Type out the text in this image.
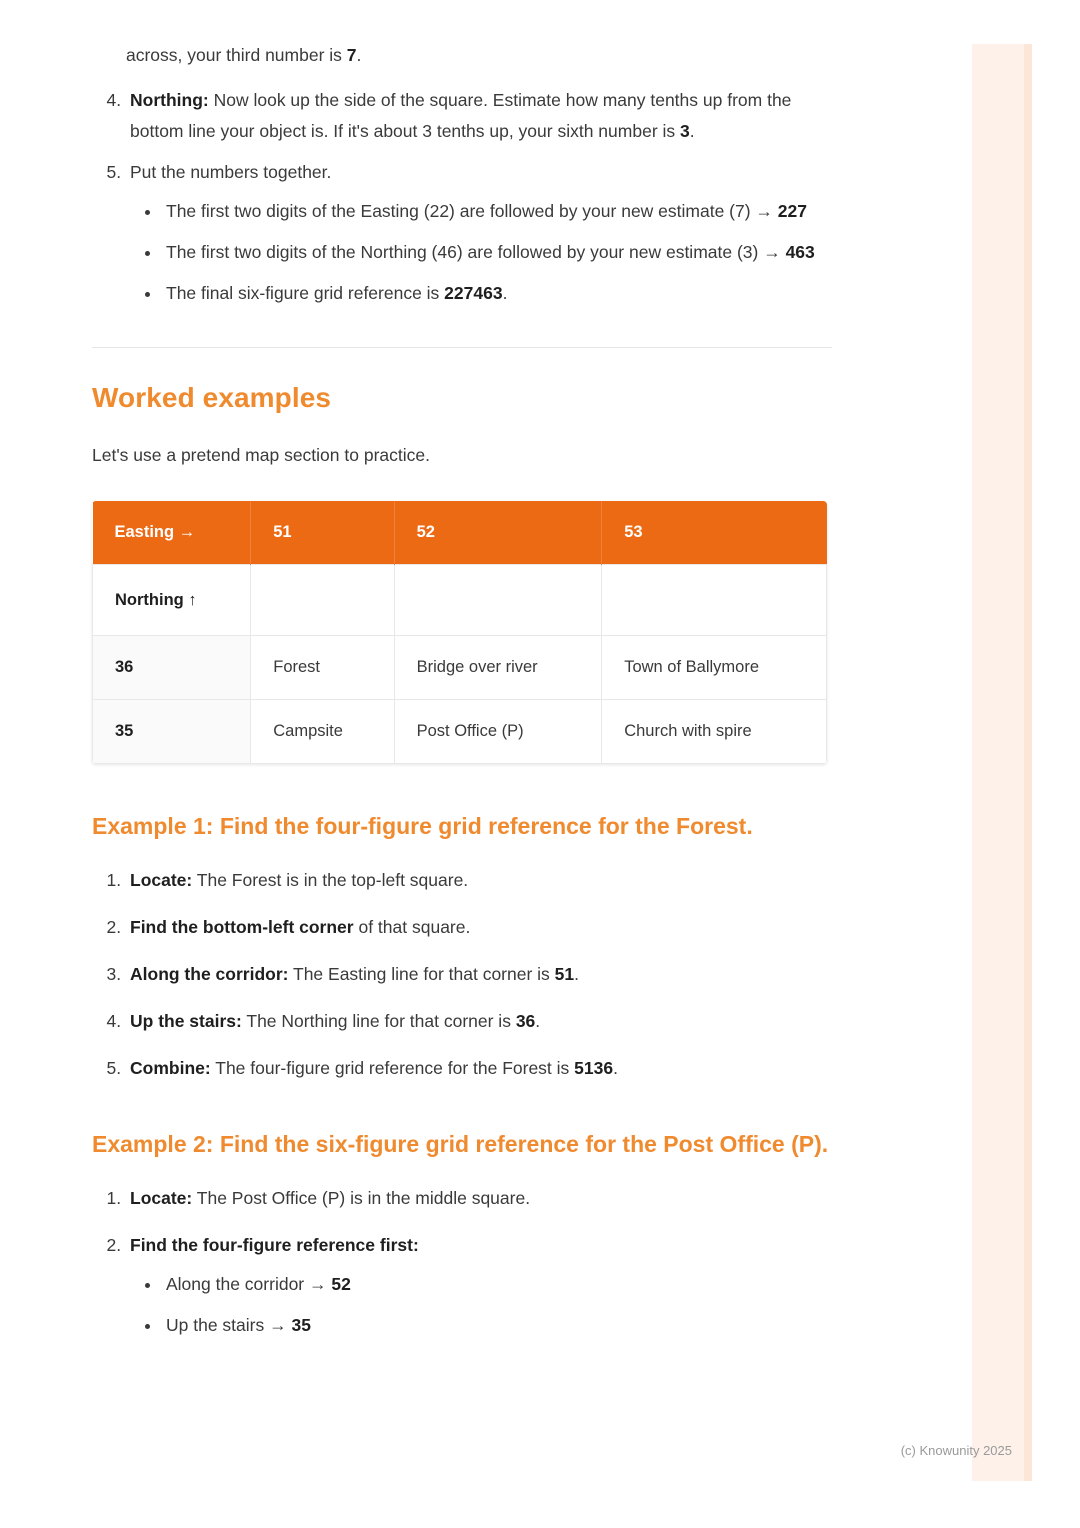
across, your third number is 7.

4. Northing: Now look up the side of the square. Estimate how many tenths up from the bottom line your object is. If it's about 3 tenths up, your sixth number is 3.
5. Put the numbers together.
• The first two digits of the Easting (22) are followed by your new estimate (7) → 227
• The first two digits of the Northing (46) are followed by your new estimate (3) → 463
• The final six-figure grid reference is 227463.
Worked examples

Let's use a pretend map section to practice.

Easting →	51	52	53
Northing ↑			
36	Forest	Bridge over river	Town of Ballymore
35	Campsite	Post Office (P)	Church with spire
Example 1: Find the four-figure grid reference for the Forest.
1. Locate: The Forest is in the top-left square.
2. Find the bottom-left corner of that square.
3. Along the corridor: The Easting line for that corner is 51.
4. Up the stairs: The Northing line for that corner is 36.
5. Combine: The four-figure grid reference for the Forest is 5136.
Example 2: Find the six-figure grid reference for the Post Office (P).
1. Locate: The Post Office (P) is in the middle square.
2. Find the four-figure reference first:
• Along the corridor → 52
• Up the stairs → 35
(c) Knowunity 2025
